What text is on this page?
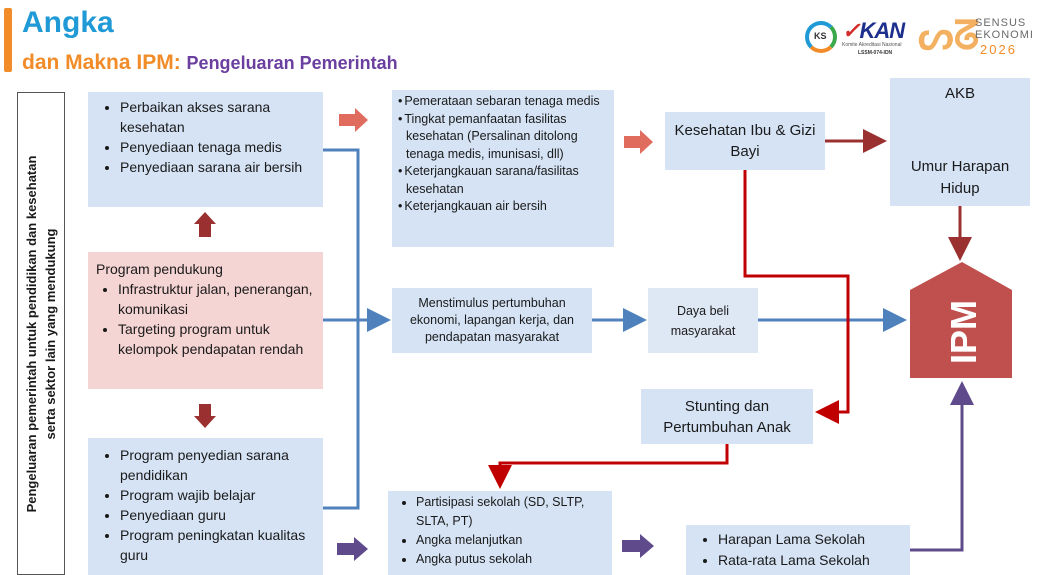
Angka
dan Makna IPM: Pengeluaran Pemerintah
KS ✓KAN
Komite Akreditasi Nasional
LSSM-074-IDN ᔕᘔ
SENSUS
EKONOMI
2026
Pengeluaran pemerintah untuk pendidikan dan kesehatan serta sektor lain yang mendukung
• Perbaikan akses sarana kesehatan
• Penyediaan tenaga medis
• Penyediaan sarana air bersih
Program pendukung
• Infrastruktur jalan, penerangan, komunikasi
• Targeting program untuk kelompok pendapatan rendah
• Program penyedian sarana pendidikan
• Program wajib belajar
• Penyediaan guru
• Program peningkatan kualitas guru
• Pemerataan sebaran tenaga medis
• Tingkat pemanfaatan fasilitas kesehatan (Persalinan ditolong tenaga medis, imunisasi, dll)
• Keterjangkauan sarana/fasilitas kesehatan
• Keterjangkauan air bersih
Menstimulus pertumbuhan ekonomi, lapangan kerja, dan pendapatan masyarakat
Daya beli masyarakat
Kesehatan Ibu & Gizi Bayi
AKB
Umur Harapan Hidup
Stunting dan Pertumbuhan Anak
• Partisipasi sekolah (SD, SLTP, SLTA, PT)
• Angka melanjutkan
• Angka putus sekolah
• Harapan Lama Sekolah
• Rata-rata Lama Sekolah
IPM
